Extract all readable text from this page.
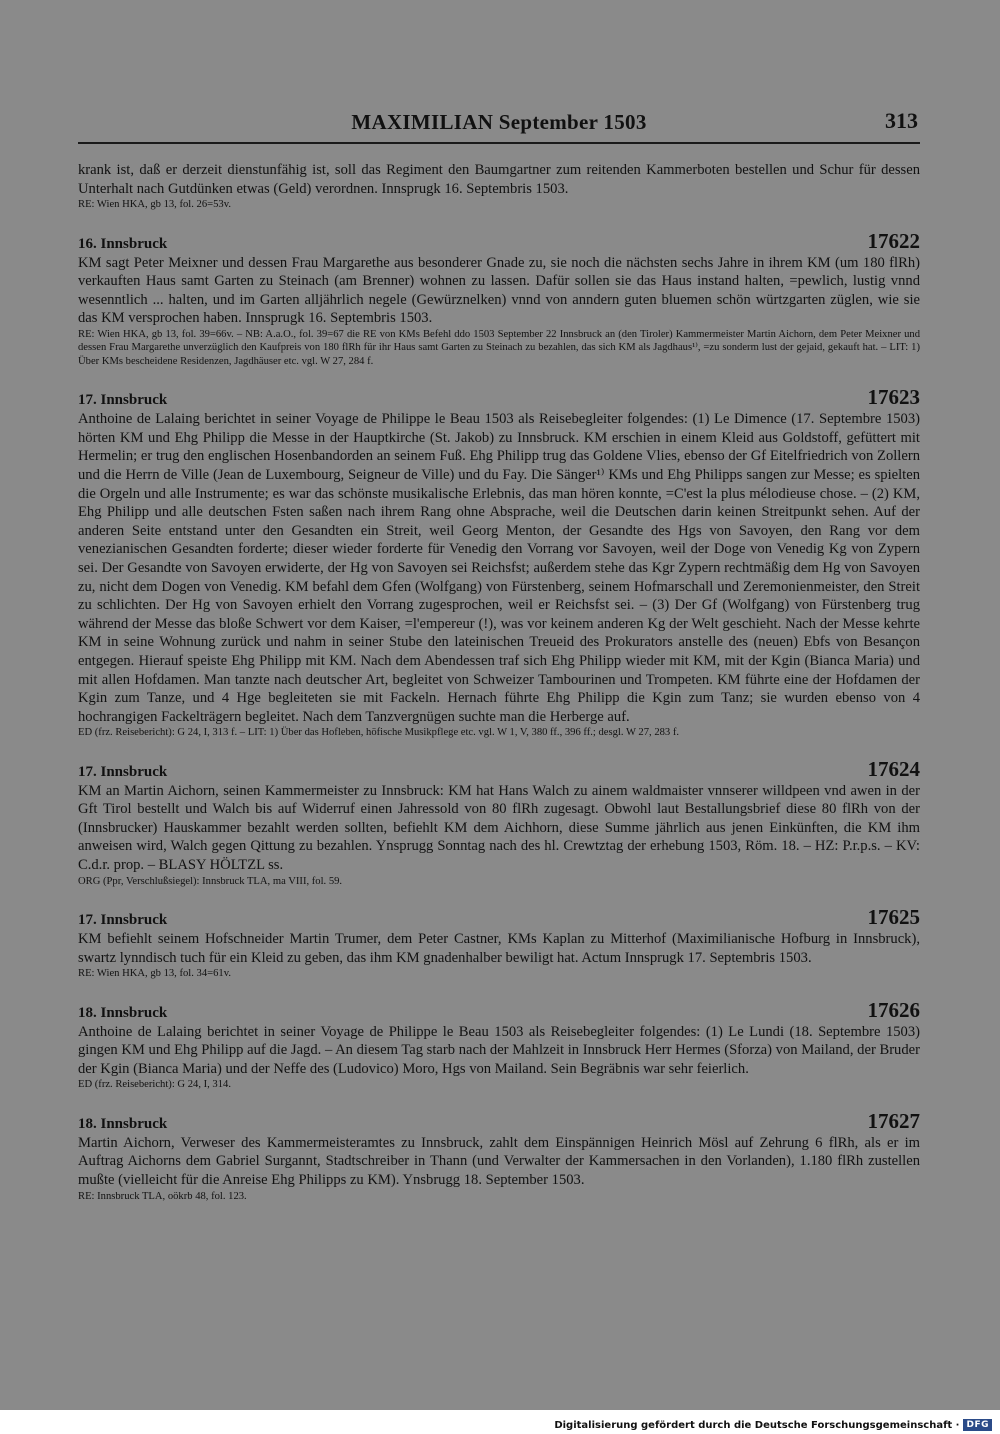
MAXIMILIAN September 1503	313

krank ist, daß er derzeit dienstunfähig ist, soll das Regiment den Baumgartner zum reitenden Kammerboten bestellen und Schur für dessen Unterhalt nach Gutdünken etwas (Geld) verordnen. Innsprugk 16. Septembris 1503.

RE: Wien HKA, gb 13, fol. 26=53v.

16. Innsbruck	17622

KM sagt Peter Meixner und dessen Frau Margarethe aus besonderer Gnade zu, sie noch die nächsten sechs Jahre in ihrem KM (um 180 flRh) verkauften Haus samt Garten zu Steinach (am Brenner) wohnen zu lassen. Dafür sollen sie das Haus instand halten, =pewlich, lustig vnnd wesenntlich ... halten, und im Garten alljährlich negele (Gewürznelken) vnnd von anndern guten bluemen schön würtzgarten züglen, wie sie das KM versprochen haben. Innsprugk 16. Septembris 1503.

RE: Wien HKA, gb 13, fol. 39=66v. – NB: A.a.O., fol. 39=67 die RE von KMs Befehl ddo 1503 September 22 Innsbruck an (den Tiroler) Kammermeister Martin Aichorn, dem Peter Meixner und dessen Frau Margarethe unverzüglich den Kaufpreis von 180 flRh für ihr Haus samt Garten zu Steinach zu bezahlen, das sich KM als Jagdhaus¹⁾, =zu sonderm lust der gejaid, gekauft hat. – LIT: 1) Über KMs bescheidene Residenzen, Jagdhäuser etc. vgl. W 27, 284 f.

17. Innsbruck	17623

Anthoine de Lalaing berichtet in seiner Voyage de Philippe le Beau 1503 als Reisebegleiter folgendes: (1) Le Dimence (17. Septembre 1503) hörten KM und Ehg Philipp die Messe in der Hauptkirche (St. Jakob) zu Innsbruck. KM erschien in einem Kleid aus Goldstoff, gefüttert mit Hermelin; er trug den englischen Hosenbandorden an seinem Fuß. Ehg Philipp trug das Goldene Vlies, ebenso der Gf Eitelfriedrich von Zollern und die Herrn de Ville (Jean de Luxembourg, Seigneur de Ville) und du Fay. Die Sänger¹⁾ KMs und Ehg Philipps sangen zur Messe; es spielten die Orgeln und alle Instrumente; es war das schönste musikalische Erlebnis, das man hören konnte, =C'est la plus mélodieuse chose. – (2) KM, Ehg Philipp und alle deutschen Fsten saßen nach ihrem Rang ohne Absprache, weil die Deutschen darin keinen Streitpunkt sehen. Auf der anderen Seite entstand unter den Gesandten ein Streit, weil Georg Menton, der Gesandte des Hgs von Savoyen, den Rang vor dem venezianischen Gesandten forderte; dieser wieder forderte für Venedig den Vorrang vor Savoyen, weil der Doge von Venedig Kg von Zypern sei. Der Gesandte von Savoyen erwiderte, der Hg von Savoyen sei Reichsfst; außerdem stehe das Kgr Zypern rechtmäßig dem Hg von Savoyen zu, nicht dem Dogen von Venedig. KM befahl dem Gfen (Wolfgang) von Fürstenberg, seinem Hofmarschall und Zeremonienmeister, den Streit zu schlichten. Der Hg von Savoyen erhielt den Vorrang zugesprochen, weil er Reichsfst sei. – (3) Der Gf (Wolfgang) von Fürstenberg trug während der Messe das bloße Schwert vor dem Kaiser, =l'empereur (!), was vor keinem anderen Kg der Welt geschieht. Nach der Messe kehrte KM in seine Wohnung zurück und nahm in seiner Stube den lateinischen Treueid des Prokurators anstelle des (neuen) Ebfs von Besançon entgegen. Hierauf speiste Ehg Philipp mit KM. Nach dem Abendessen traf sich Ehg Philipp wieder mit KM, mit der Kgin (Bianca Maria) und mit allen Hofdamen. Man tanzte nach deutscher Art, begleitet von Schweizer Tambourinen und Trompeten. KM führte eine der Hofdamen der Kgin zum Tanze, und 4 Hge begleiteten sie mit Fackeln. Hernach führte Ehg Philipp die Kgin zum Tanz; sie wurden ebenso von 4 hochrangigen Fackelträgern begleitet. Nach dem Tanzvergnügen suchte man die Herberge auf.

ED (frz. Reisebericht): G 24, I, 313 f. – LIT: 1) Über das Hofleben, höfische Musikpflege etc. vgl. W 1, V, 380 ff., 396 ff.; desgl. W 27, 283 f.

17. Innsbruck	17624

KM an Martin Aichorn, seinen Kammermeister zu Innsbruck: KM hat Hans Walch zu ainem waldmaister vnnserer willdpeen vnd awen in der Gft Tirol bestellt und Walch bis auf Widerruf einen Jahressold von 80 flRh zugesagt. Obwohl laut Bestallungsbrief diese 80 flRh von der (Innsbrucker) Hauskammer bezahlt werden sollten, befiehlt KM dem Aichhorn, diese Summe jährlich aus jenen Einkünften, die KM ihm anweisen wird, Walch gegen Qittung zu bezahlen. Ynsprugg Sonntag nach des hl. Crewtztag der erhebung 1503, Röm. 18. – HZ: P.r.p.s. – KV: C.d.r. prop. – BLASY HÖLTZL ss.

ORG (Ppr, Verschlußsiegel): Innsbruck TLA, ma VIII, fol. 59.

17. Innsbruck	17625

KM befiehlt seinem Hofschneider Martin Trumer, dem Peter Castner, KMs Kaplan zu Mitterhof (Maximilianische Hofburg in Innsbruck), swartz lynndisch tuch für ein Kleid zu geben, das ihm KM gnadenhalber bewiligt hat. Actum Innsprugk 17. Septembris 1503.

RE: Wien HKA, gb 13, fol. 34=61v.

18. Innsbruck	17626

Anthoine de Lalaing berichtet in seiner Voyage de Philippe le Beau 1503 als Reisebegleiter folgendes: (1) Le Lundi (18. Septembre 1503) gingen KM und Ehg Philipp auf die Jagd. – An diesem Tag starb nach der Mahlzeit in Innsbruck Herr Hermes (Sforza) von Mailand, der Bruder der Kgin (Bianca Maria) und der Neffe des (Ludovico) Moro, Hgs von Mailand. Sein Begräbnis war sehr feierlich.

ED (frz. Reisebericht): G 24, I, 314.

18. Innsbruck	17627

Martin Aichorn, Verweser des Kammermeisteramtes zu Innsbruck, zahlt dem Einspännigen Heinrich Mösl auf Zehrung 6 flRh, als er im Auftrag Aichorns dem Gabriel Surgannt, Stadtschreiber in Thann (und Verwalter der Kammersachen in den Vorlanden), 1.180 flRh zustellen mußte (vielleicht für die Anreise Ehg Philipps zu KM). Ynsbrugg 18. September 1503.

RE: Innsbruck TLA, oökrb 48, fol. 123.

Digitalisierung gefördert durch die Deutsche Forschungsgemeinschaft · DFG
